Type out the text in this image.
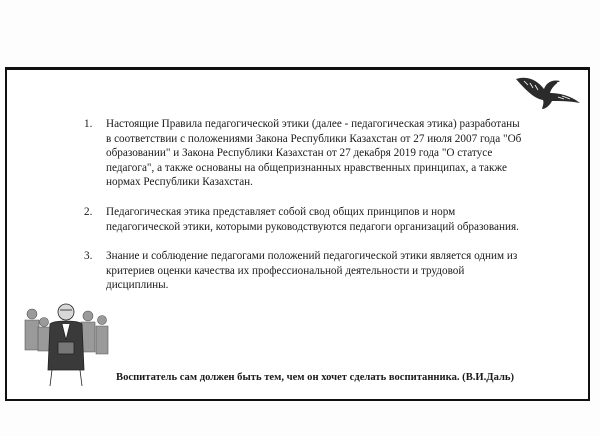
1. Настоящие Правила педагогической этики (далее - педагогическая этика) разработаны в соответствии с положениями Закона Республики Казахстан от 27 июля 2007 года "Об образовании" и Закона Республики Казахстан от 27 декабря 2019 года "О статусе педагога", а также основаны на общепризнанных нравственных принципах, а также нормах Республики Казахстан.
2. Педагогическая этика представляет собой свод общих принципов и норм педагогической этики, которыми руководствуются педагоги организаций образования.
3. Знание и соблюдение педагогами положений педагогической этики является одним из критериев оценки качества их профессиональной деятельности и трудовой дисциплины.
Воспитатель сам должен быть тем, чем он хочет сделать воспитанника. (В.И.Даль)
